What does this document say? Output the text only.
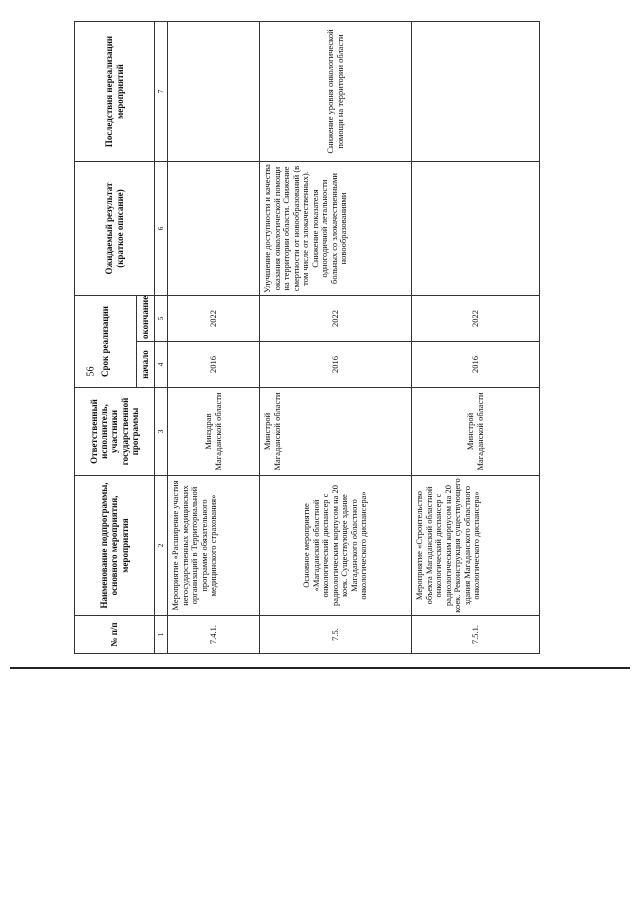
56
№ п/п	Наименование подпрограммы, основного мероприятия, мероприятия	Ответственный исполнитель, участники государственной программы	Срок реализации		Ожидаемый результат (краткое описание)	Последствия нереализации мероприятий
			начало	окончание		
1	2	3	4	5	6	7
7.4.1.	Мероприятие «Расширение участия негосударственных медицинских организаций в Территориальной программе обязательного медицинского страхования»	Минздрав Магаданской области	2016	2022		
7.5.	Основное мероприятие «Магаданский областной онкологический диспансер с радиологическим корпусом на 20 коек. Существующее здание Магаданского областного онкологического диспансера»	Минстрой Магаданской области	2016	2022	Улучшение доступности и качества оказания онкологической помощи на территории области. Снижение смертности от новообразований (в том числе от злокачественных). Снижение показателя одногодичной летальности больных со злокачественными новообразованиями	Снижение уровня онкологической помощи на территории области
7.5.1.	Мероприятие «Строительство объекта Магаданский областной онкологический диспансер с радиологическим корпусом на 20 коек. Реконструкция существующего здания Магаданского областного онкологического диспансера»	Минстрой Магаданской области	2016	2022		
